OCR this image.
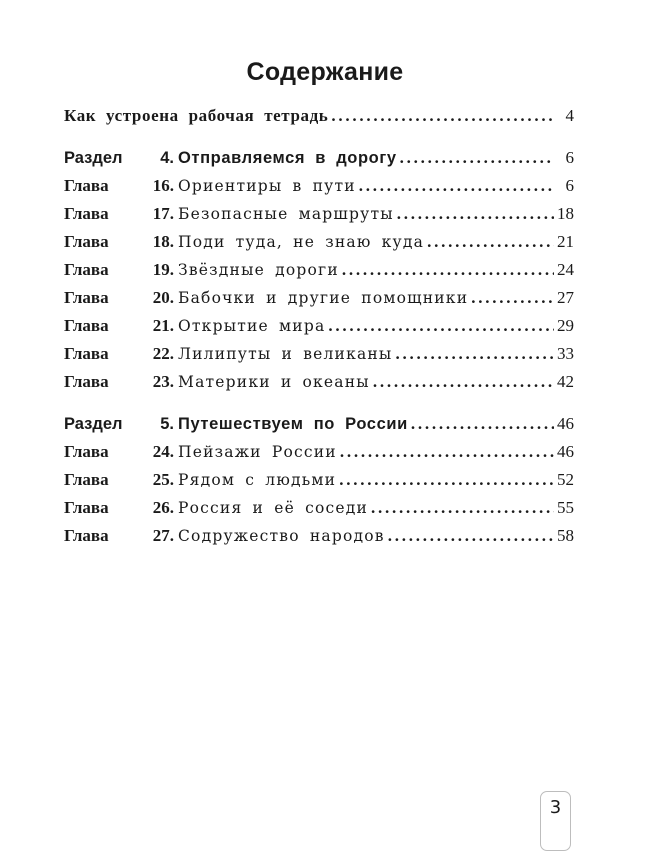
Содержание
Как устроена рабочая тетрадь . . .	4
Раздел	4. Отправляемся в дорогу . . .	6
Глава	16. Ориентиры в пути . . .	6
Глава	17. Безопасные маршруты . . .	18
Глава	18. Поди туда, не знаю куда . . .	21
Глава	19. Звёздные дороги . . .	24
Глава	20. Бабочки и другие помощники . . .	27
Глава	21. Открытие мира . . .	29
Глава	22. Лилипуты и великаны . . .	33
Глава	23. Материки и океаны . . .	42
Раздел	5. Путешествуем по России . . .	46
Глава	24. Пейзажи России . . .	46
Глава	25. Рядом с людьми . . .	52
Глава	26. Россия и её соседи . . .	55
Глава	27. Содружество народов . . .	58
3
